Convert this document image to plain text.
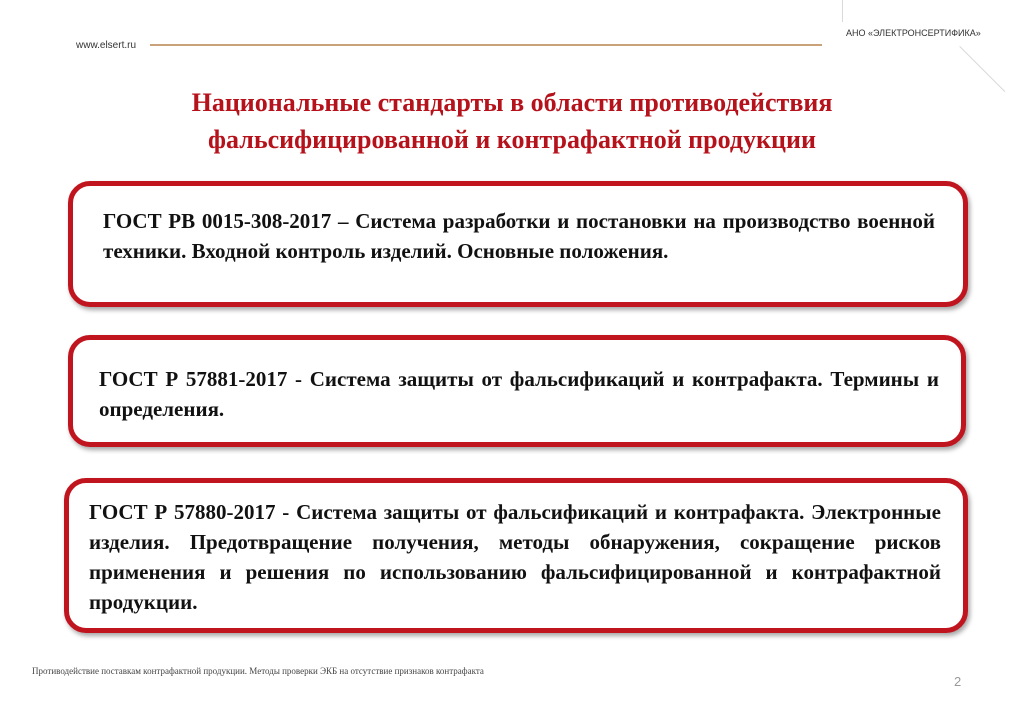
АНО «ЭЛЕКТРОНСЕРТИФИКА»
www.elsert.ru
Национальные стандарты в области противодействия
фальсифицированной и контрафактной продукции

ГОСТ РВ 0015-308-2017 – Система разработки и постановки на производство военной техники. Входной контроль изделий. Основные положения.

ГОСТ Р 57881-2017 - Система защиты от фальсификаций и контрафакта. Термины и определения.

ГОСТ Р 57880-2017 - Система защиты от фальсификаций и контрафакта. Электронные изделия. Предотвращение получения, методы обнаружения, сокращение рисков применения и решения по использованию фальсифицированной и контрафактной продукции.

Противодействие поставкам контрафактной продукции. Методы проверки ЭКБ на отсутствие признаков контрафакта
2
